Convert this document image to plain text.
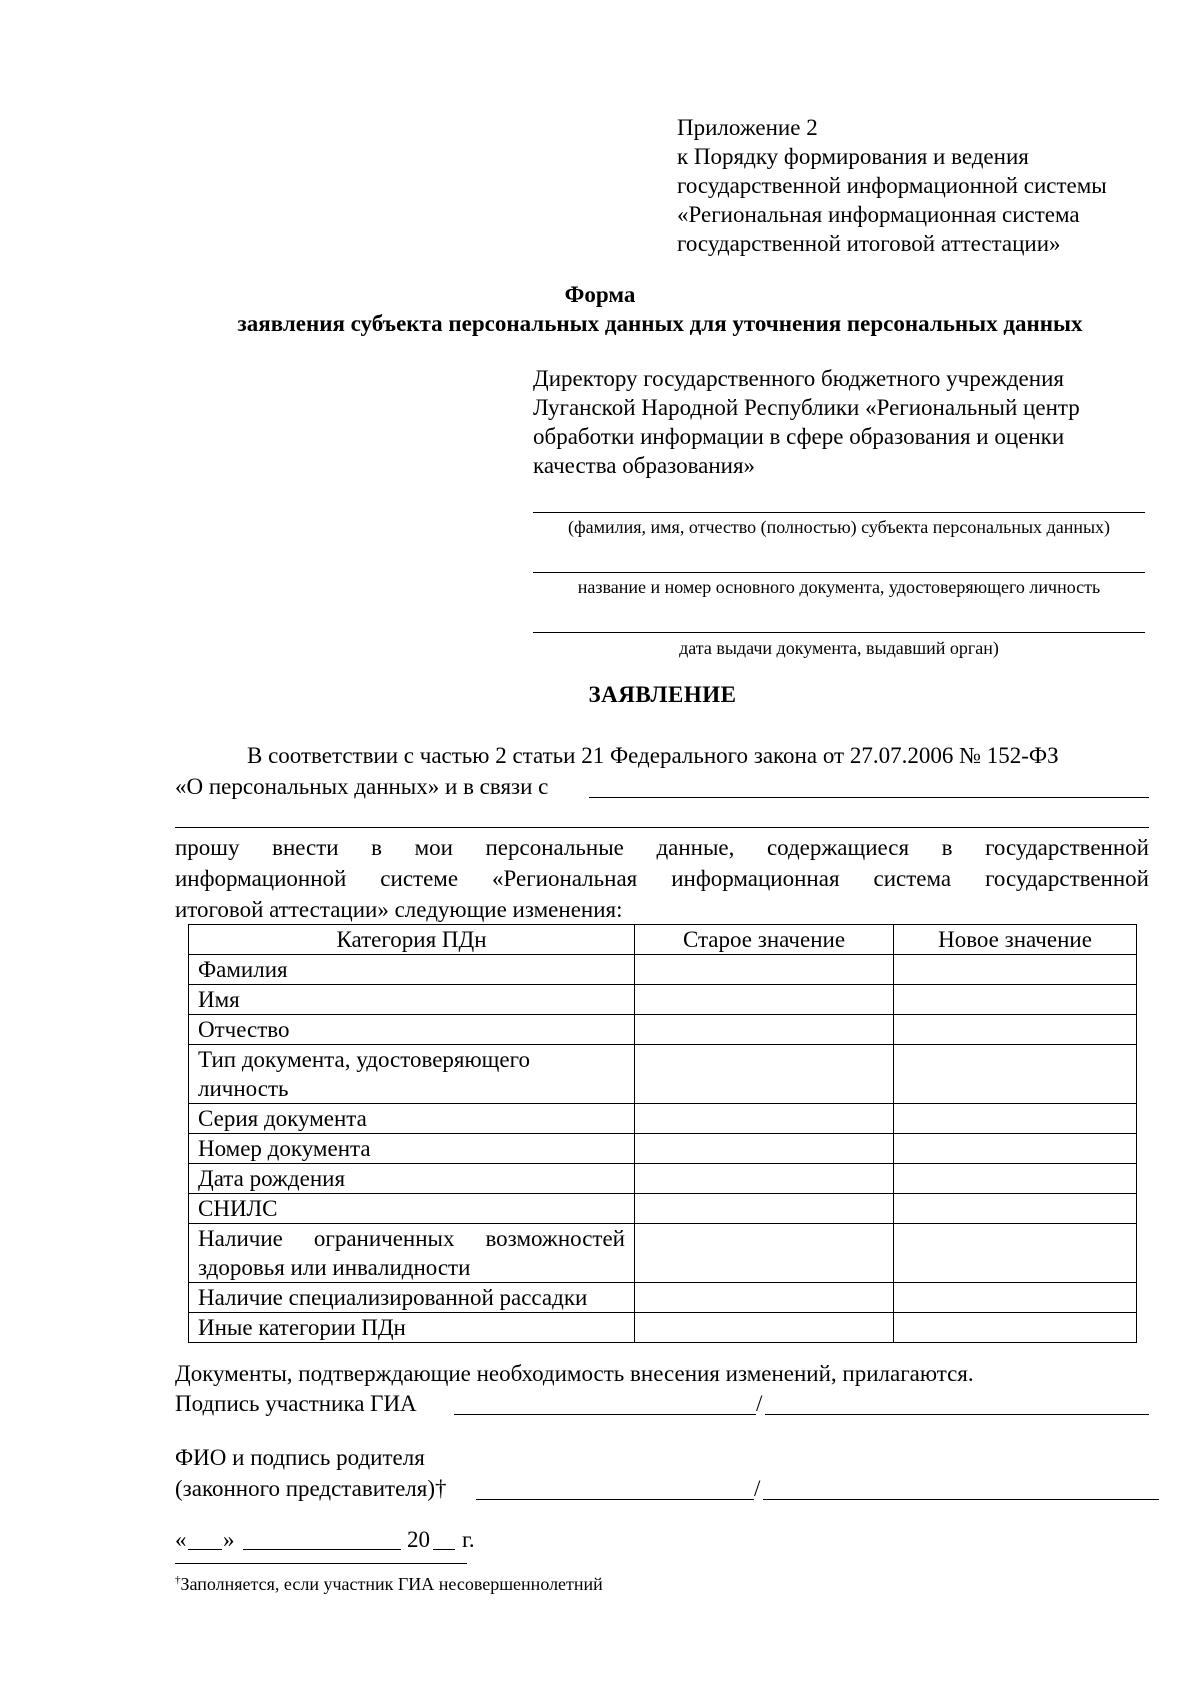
Приложение 2
к Порядку формирования и ведения
государственной информационной системы
«Региональная информационная система
государственной итоговой аттестации»
Форма
заявления субъекта персональных данных для уточнения персональных данных
Директору государственного бюджетного учреждения
Луганской Народной Республики «Региональный центр
обработки информации в сфере образования и оценки
качества образования»
(фамилия, имя, отчество (полностью) субъекта персональных данных)
название и номер основного документа, удостоверяющего личность
дата выдачи документа, выдавший орган)
ЗАЯВЛЕНИЕ
В соответствии с частью 2 статьи 21 Федерального закона от 27.07.2006 № 152-ФЗ
«О персональных данных» и в связи с
прошу внести в мои персональные данные, содержащиеся в государственной
информационной системе «Региональная информационная система государственной
итоговой аттестации» следующие изменения:
Категория ПДн	Старое значение	Новое значение
Фамилия		
Имя		
Отчество		

Тип документа, удостоверяющего
личность		

Серия документа		
Номер документа		
Дата рождения		
СНИЛС		

Наличие ограниченных возможностей
здоровья или инвалидности		

Наличие специализированной рассадки		
Иные категории ПДн		
Документы, подтверждающие необходимость внесения изменений, прилагаются.
Подпись участника ГИА	/
ФИО и подпись родителя
(законного представителя)†	/
« »	20 г.
†Заполняется, если участник ГИА несовершеннолетний
